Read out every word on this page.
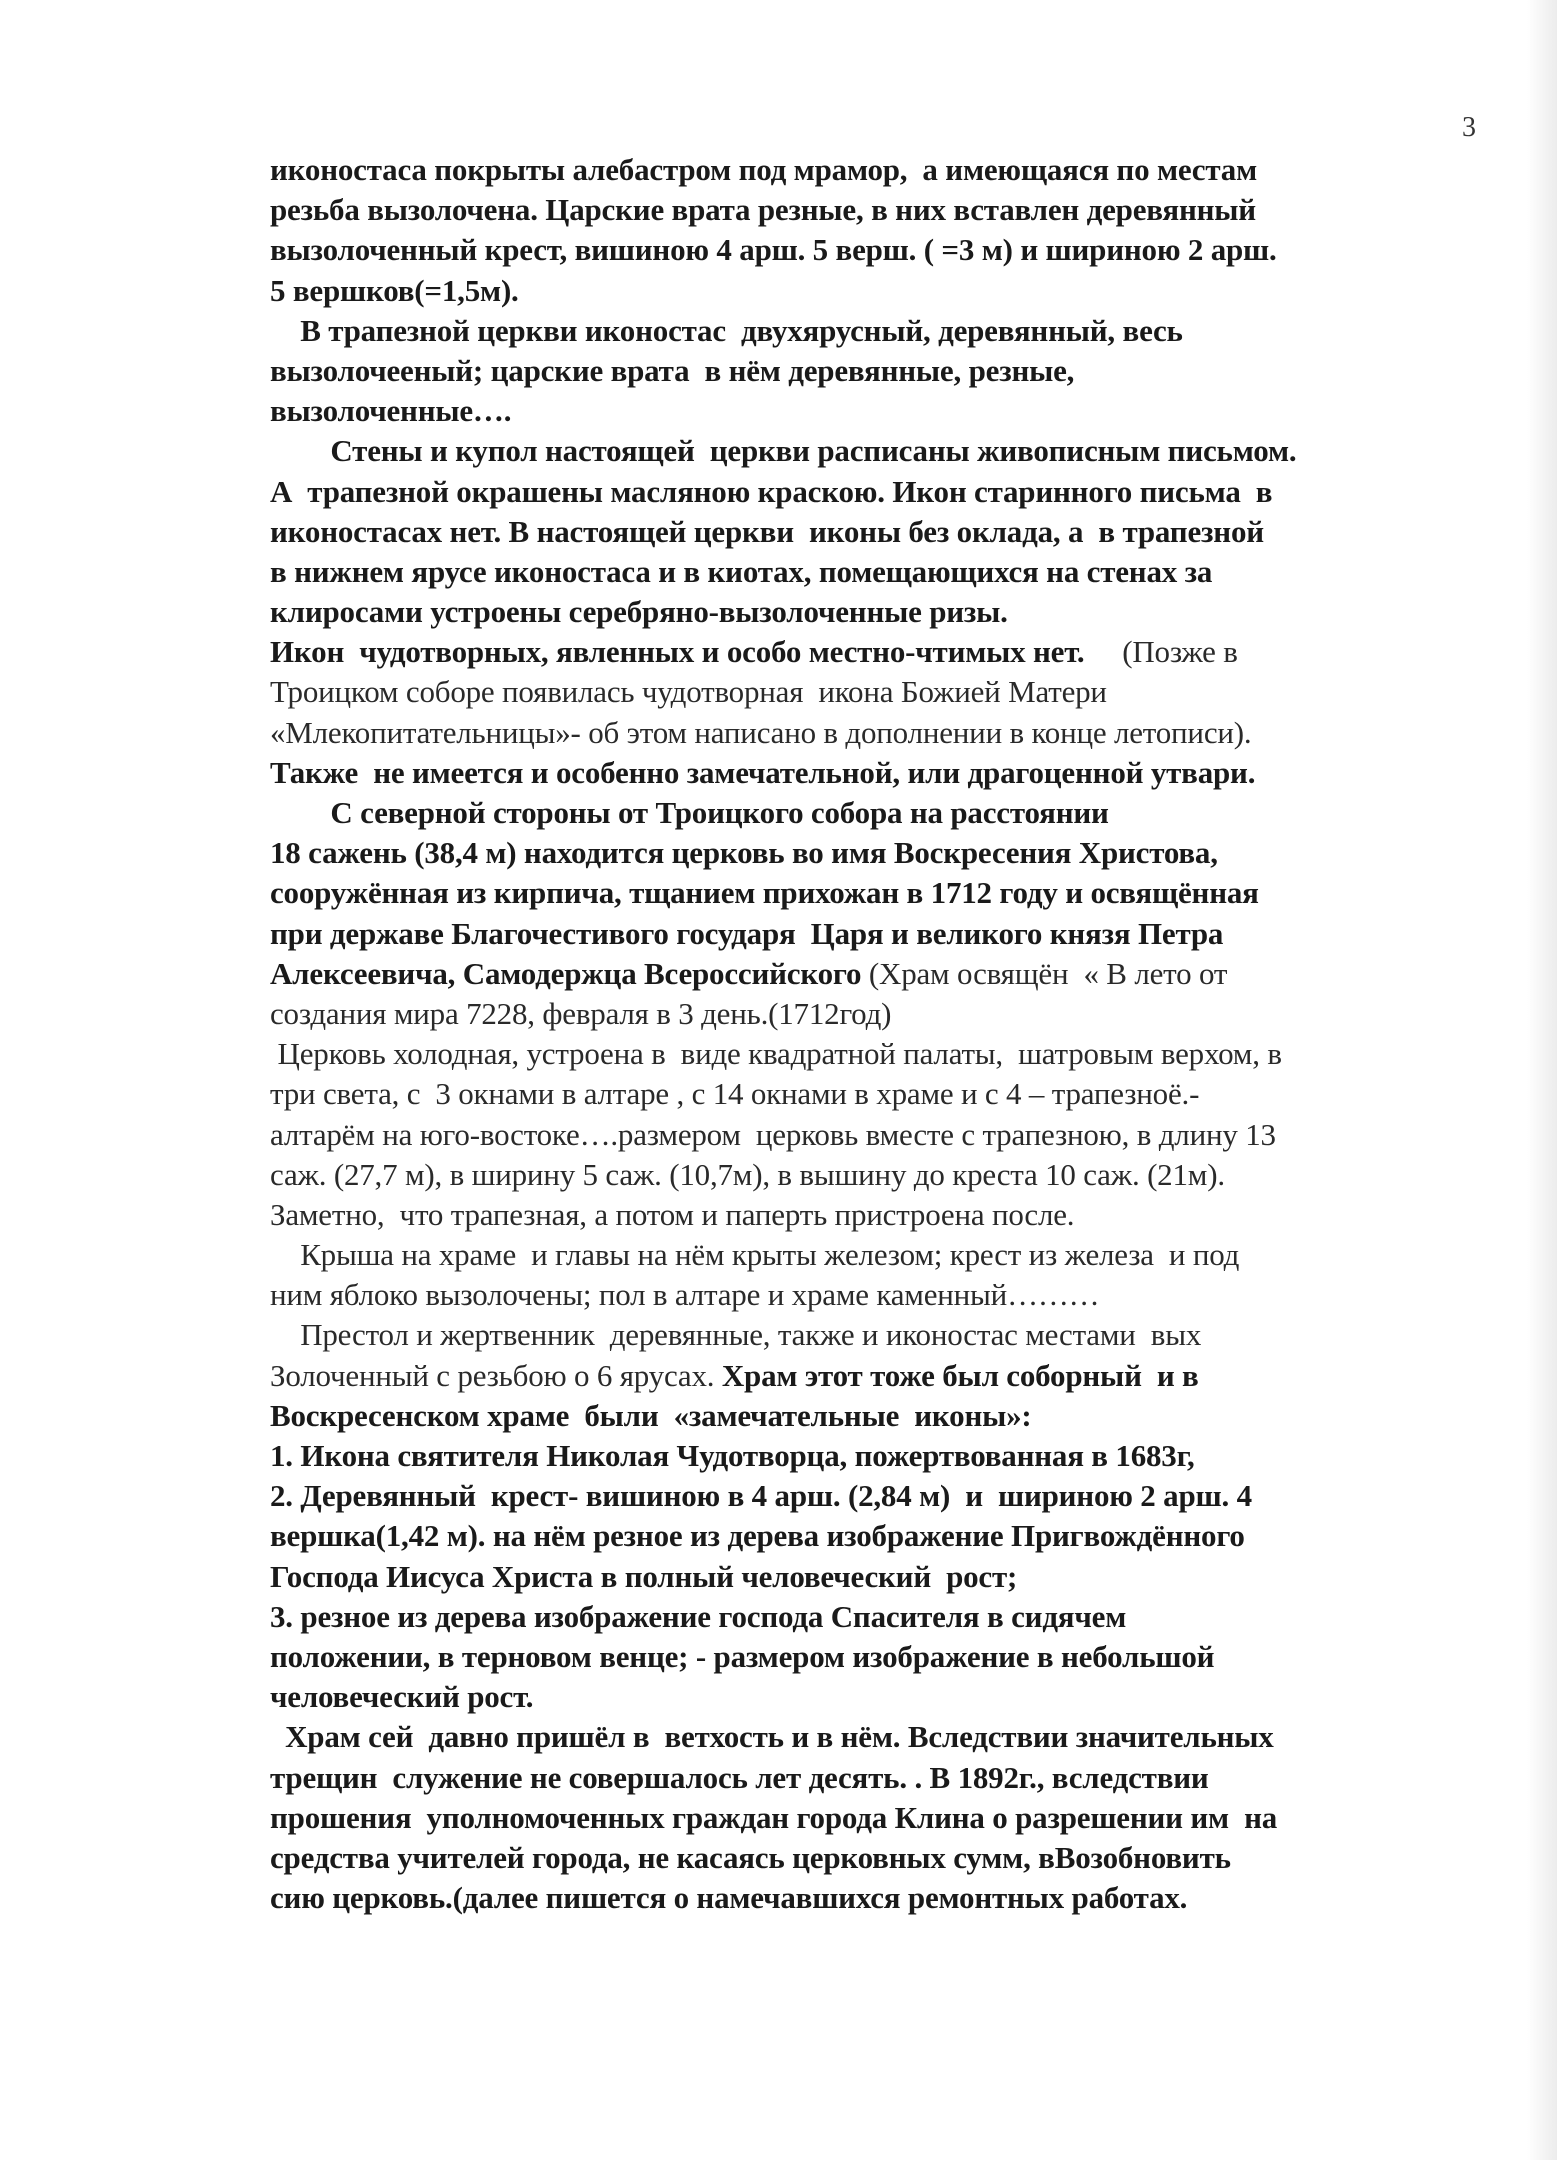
3
иконостаса покрыты алебастром под мрамор,  а имеющаяся по местам
резьба вызолочена. Царские врата резные, в них вставлен деревянный
вызолоченный крест, вишиною 4 арш. 5 верш. ( =3 м) и шириною 2 арш.
5 вершков(=1,5м).
В трапезной церкви иконостас  двухярусный, деревянный, весь
вызолочееный; царские врата  в нём деревянные, резные,
вызолоченные….
Стены и купол настоящей  церкви расписаны живописным письмом.
А  трапезной окрашены масляною краскою. Икон старинного письма  в
иконостасах нет. В настоящей церкви  иконы без оклада, а  в трапезной
в нижнем ярусе иконостаса и в киотах, помещающихся на стенах за
клиросами устроены серебряно-вызолоченные ризы.
Икон  чудотворных, явленных и особо местно-чтимых нет.     (Позже в
Троицком соборе появилась чудотворная  икона Божией Матери
«Млекопитательницы»- об этом написано в дополнении в конце летописи).
Также  не имеется и особенно замечательной, или драгоценной утвари.
С северной стороны от Троицкого собора на расстоянии
18 сажень (38,4 м) находится церковь во имя Воскресения Христова,
сооружённая из кирпича, тщанием прихожан в 1712 году и освящённая
при державе Благочестивого государя  Царя и великого князя Петра
Алексеевича, Самодержца Всероссийского (Храм освящён  « В лето от
создания мира 7228, февраля в 3 день.(1712год)
Церковь холодная, устроена в  виде квадратной палаты,  шатровым верхом, в
три света, с  3 окнами в алтаре , с 14 окнами в храме и с 4 – трапезноё.-
алтарём на юго-востоке….размером  церковь вместе с трапезною, в длину 13
саж. (27,7 м), в ширину 5 саж. (10,7м), в вышину до креста 10 саж. (21м).
Заметно,  что трапезная, а потом и паперть пристроена после.
Крыша на храме  и главы на нём крыты железом; крест из железа  и под
ним яблоко вызолочены; пол в алтаре и храме каменный………
Престол и жертвенник  деревянные, также и иконостас местами  вых
Золоченный с резьбою о 6 ярусах. Храм этот тоже был соборный  и в
Воскресенском храме  были  «замечательные  иконы»:
1. Икона святителя Николая Чудотворца, пожертвованная в 1683г,
2. Деревянный  крест- вишиною в 4 арш. (2,84 м)  и  шириною 2 арш. 4
вершка(1,42 м). на нём резное из дерева изображение Пригвождённого
Господа Иисуса Христа в полный человеческий  рост;
3. резное из дерева изображение господа Спасителя в сидячем
положении, в терновом венце; - размером изображение в небольшой
человеческий рост.
Храм сей  давно пришёл в  ветхость и в нём. Вследствии значительных
трещин  служение не совершалось лет десять. . В 1892г., вследствии
прошения  уполномоченных граждан города Клина о разрешении им  на
средства учителей города, не касаясь церковных сумм, вВозобновить
сию церковь.(далее пишется о намечавшихся ремонтных работах.
